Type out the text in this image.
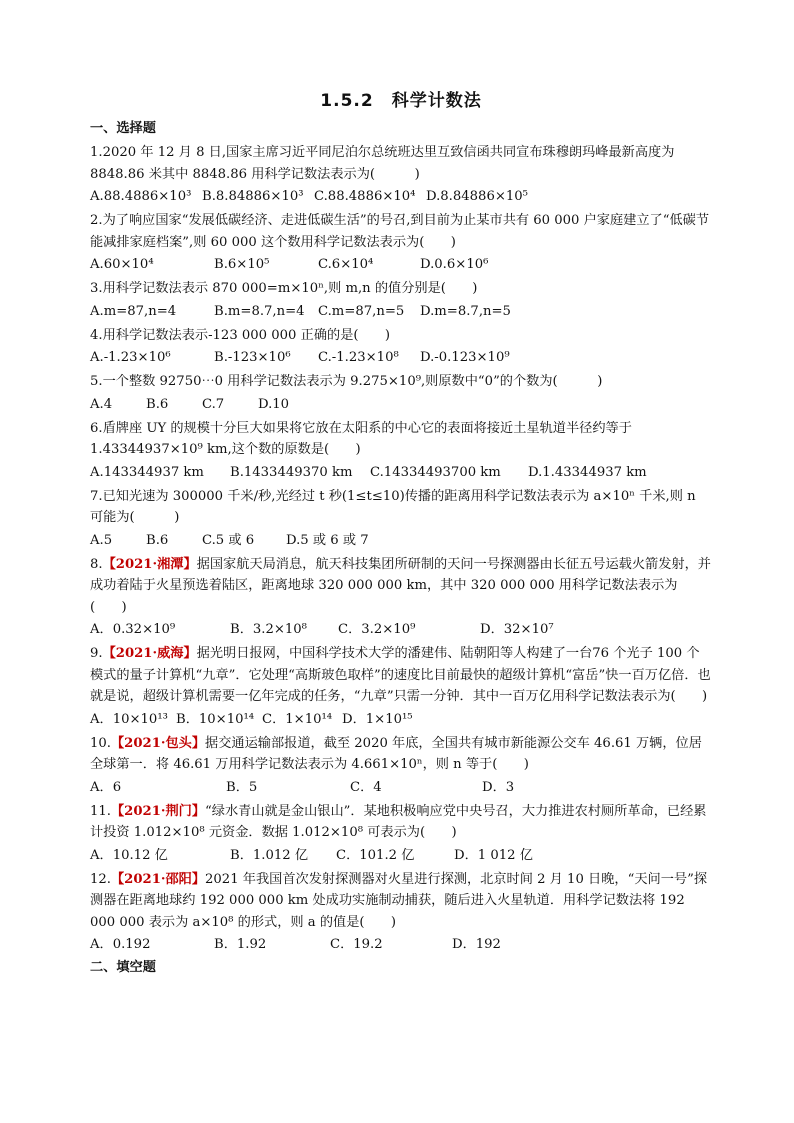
1.5.2　科学计数法
一、选择题

1.2020 年 12 月 8 日,国家主席习近平同尼泊尔总统班达里互致信函共同宣布珠穆朗玛峰最新高度为 8848.86 米其中 8848.86 用科学记数法表示为(　　　)

A.88.4886×10³ B.8.84886×10³ C.88.4886×10⁴ D.8.84886×10⁵

2.为了响应国家“发展低碳经济、走进低碳生活”的号召,到目前为止某市共有 60 000 户家庭建立了“低碳节能减排家庭档案”,则 60 000 这个数用科学记数法表示为(　　)

A.60×10⁴	B.6×10⁵	C.6×10⁴	D.0.6×10⁶

3.用科学记数法表示 870 000=m×10ⁿ,则 m,n 的值分别是(　　)

A.m=87,n=4	B.m=8.7,n=4	C.m=87,n=5	D.m=8.7,n=5

4.用科学记数法表示-123 000 000 正确的是(　　)

A.-1.23×10⁶	B.-123×10⁶	C.-1.23×10⁸	D.-0.123×10⁹

5.一个整数 92750⋯0 用科学记数法表示为 9.275×10⁹,则原数中“0”的个数为(　　　)

A.4	B.6	C.7	D.10

6.盾牌座 UY 的规模十分巨大如果将它放在太阳系的中心它的表面将接近土星轨道半径约等于 1.43344937×10⁹ km,这个数的原数是(　　)

A.143344937 km	B.1433449370 km	C.14334493700 km	D.1.43344937 km

7.已知光速为 300000 千米/秒,光经过 t 秒(1≤t≤10)传播的距离用科学记数法表示为 a×10ⁿ 千米,则 n 可能为(　　　)

A.5	B.6	C.5 或 6	D.5 或 6 或 7

8.【2021·湘潭】据国家航天局消息，航天科技集团所研制的天问一号探测器由长征五号运载火箭发射，并成功着陆于火星预选着陆区，距离地球 320 000 000 km，其中 320 000 000 用科学记数法表示为(　　)

A．0.32×10⁹	B．3.2×10⁸	C．3.2×10⁹	D．32×10⁷

9.【2021·威海】据光明日报网，中国科学技术大学的潘建伟、陆朝阳等人构建了一台76 个光子 100 个模式的量子计算机“九章”．它处理“高斯玻色取样”的速度比目前最快的超级计算机“富岳”快一百万亿倍．也就是说，超级计算机需要一亿年完成的任务，“九章”只需一分钟．其中一百万亿用科学记数法表示为(　　)

A．10×10¹³ B．10×10¹⁴ C．1×10¹⁴ D．1×10¹⁵

10.【2021·包头】据交通运输部报道，截至 2020 年底，全国共有城市新能源公交车 46.61 万辆，位居全球第一．将 46.61 万用科学记数法表示为 4.661×10ⁿ，则 n 等于(　　)

A．6	B．5	C．4	D．3

11.【2021·荆门】“绿水青山就是金山银山”．某地积极响应党中央号召，大力推进农村厕所革命，已经累计投资 1.012×10⁸ 元资金．数据 1.012×10⁸ 可表示为(　　)

A．10.12 亿	B．1.012 亿	C．101.2 亿	D．1 012 亿

12.【2021·邵阳】2021 年我国首次发射探测器对火星进行探测，北京时间 2 月 10 日晚，“天问一号”探测器在距离地球约 192 000 000 km 处成功实施制动捕获，随后进入火星轨道．用科学记数法将 192 000 000 表示为 a×10⁸ 的形式，则 a 的值是(　　)

A．0.192	B．1.92	C．19.2	D．192
二、填空题
